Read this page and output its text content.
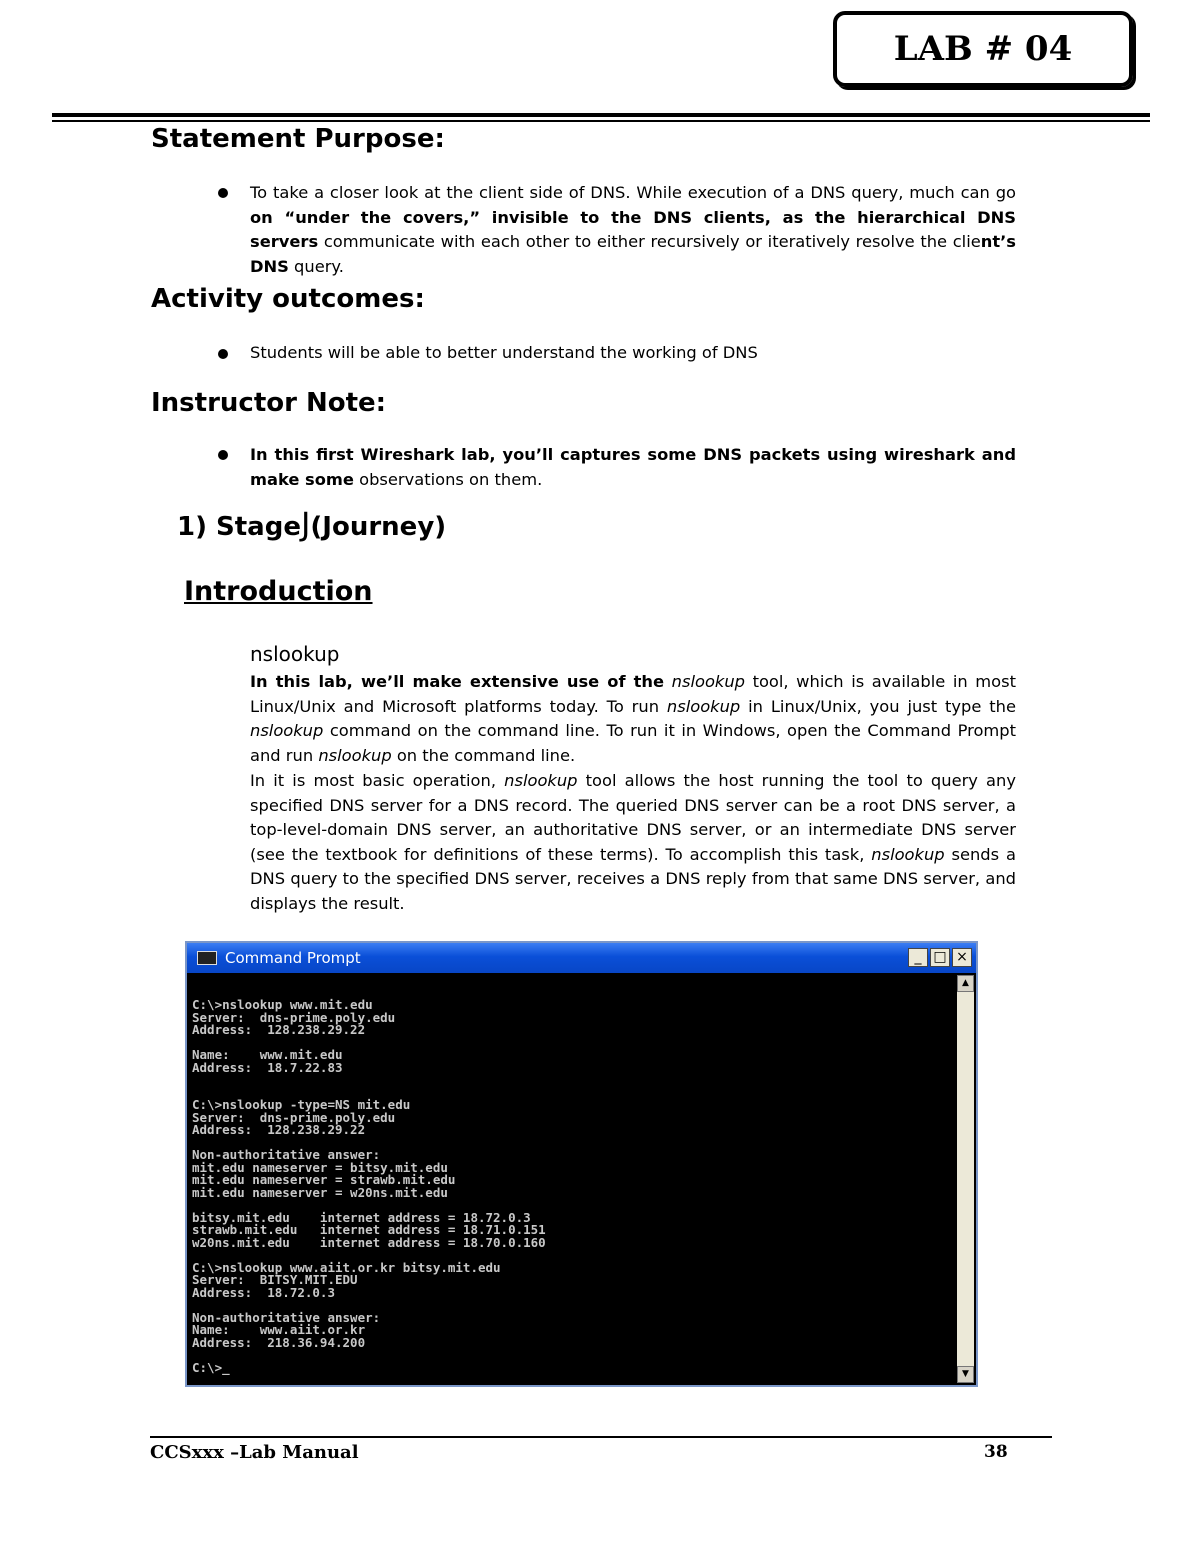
LAB # 04
Statement Purpose:
To take a closer look at the client side of DNS. While execution of a DNS query, much can go on “under the covers,” invisible to the DNS clients, as the hierarchical DNS servers communicate with each other to either recursively or iteratively resolve the client’s DNS query.
Activity outcomes:
Students will be able to better understand the working of DNS
Instructor Note:
In this first Wireshark lab, you’ll captures some DNS packets using wireshark and make some observations on them.
1) StageJ(Journey)
Introduction
nslookup
In this lab, we’ll make extensive use of the nslookup tool, which is available in most Linux/Unix and Microsoft platforms today. To run nslookup in Linux/Unix, you just type the nslookup command on the command line. To run it in Windows, open the Command Prompt and run nslookup on the command line.
In it is most basic operation, nslookup tool allows the host running the tool to query any specified DNS server for a DNS record. The queried DNS server can be a root DNS server, a top-level-domain DNS server, an authoritative DNS server, or an intermediate DNS server (see the textbook for definitions of these terms). To accomplish this task, nslookup sends a DNS query to the specified DNS server, receives a DNS reply from that same DNS server, and displays the result.
Command Prompt	_ □ ×
▲
▼
C:\>nslookup www.mit.edu
Server:  dns-prime.poly.edu
Address:  128.238.29.22

Name:    www.mit.edu
Address:  18.7.22.83

C:\>nslookup -type=NS mit.edu
Server:  dns-prime.poly.edu
Address:  128.238.29.22

Non-authoritative answer:
mit.edu nameserver = bitsy.mit.edu
mit.edu nameserver = strawb.mit.edu
mit.edu nameserver = w20ns.mit.edu

bitsy.mit.edu    internet address = 18.72.0.3
strawb.mit.edu   internet address = 18.71.0.151
w20ns.mit.edu    internet address = 18.70.0.160

C:\>nslookup www.aiit.or.kr bitsy.mit.edu
Server:  BITSY.MIT.EDU
Address:  18.72.0.3

Non-authoritative answer:
Name:    www.aiit.or.kr
Address:  218.36.94.200

C:\>_
CCSxxx –Lab Manual	38
